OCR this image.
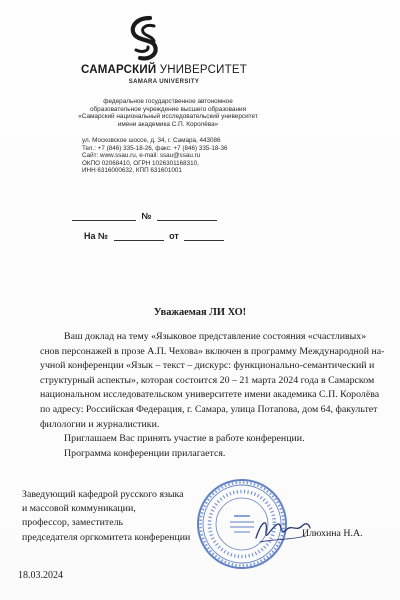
САМАРСКИЙ УНИВЕРСИТЕТ
SAMARA UNIVERSITY
федеральное государственное автономное
образовательное учреждение высшего образования
«Самарский национальный исследовательский университет
имени академика С.П. Королёва»
ул. Московское шоссе, д. 34, г. Самара, 443086
Тел.: +7 (846) 335-18-26, факс: +7 (846) 335-18-36
Сайт: www.ssau.ru, e-mail: ssau@ssau.ru
ОКПО 02068410, ОГРН 1026301168310,
ИНН 6316000632, КПП 631601001
№
На №	от
Уважаемая ЛИ ХО!
Ваш доклад на тему «Языковое представление состояния «счастливых»
снов персонажей в прозе А.П. Чехова» включен в программу Международной на-
учной конференции «Язык – текст – дискурс: функционально-семантический и
структурный аспекты», которая состоится 20 – 21 марта 2024 года в Самарском
национальном исследовательском университете имени академика С.П. Королёва
по адресу: Российская Федерация, г. Самара, улица Потапова, дом 64, факультет
филологии и журналистики.
Приглашаем Вас принять участие в работе конференции.
Программа конференции прилагается.
Заведующий кафедрой русского языка
и массовой коммуникации,
профессор, заместитель
председателя оргкомитета конференции	Илюхина Н.А.
18.03.2024
